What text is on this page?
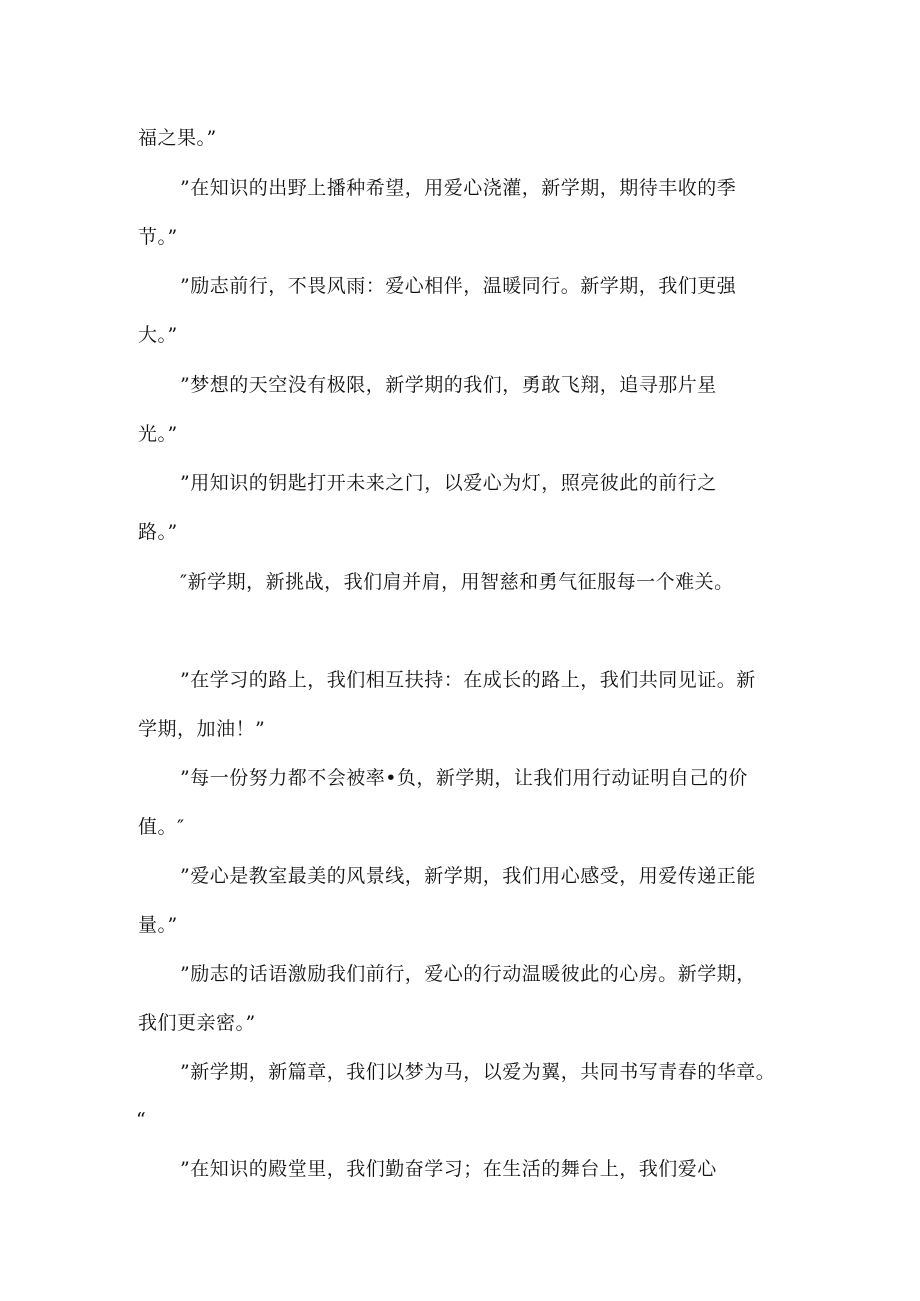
福之果。”
”在知识的出野上播种希望，用爱心浇灌，新学期，期待丰收的季
节。”
”励志前行，不畏风雨：爱心相伴，温暖同行。新学期，我们更强
大。”
”梦想的天空没有极限，新学期的我们，勇敢飞翔，追寻那片星
光。”
”用知识的钥匙打开未来之门，以爱心为灯，照亮彼此的前行之
路。”
″新学期，新挑战，我们肩并肩，用智慈和勇气征服每一个难关。
”在学习的路上，我们相互扶持：在成长的路上，我们共同见证。新
学期，加油！”
”每一份努力都不会被率•负，新学期，让我们用行动证明自己的价
值。″
”爱心是教室最美的风景线，新学期，我们用心感受，用爱传递正能
量。”
”励志的话语激励我们前行，爱心的行动温暖彼此的心房。新学期，
我们更亲密。”
”新学期，新篇章，我们以梦为马，以爱为翼，共同书写青春的华章。
“
”在知识的殿堂里，我们勤奋学习；在生活的舞台上，我们爱心
